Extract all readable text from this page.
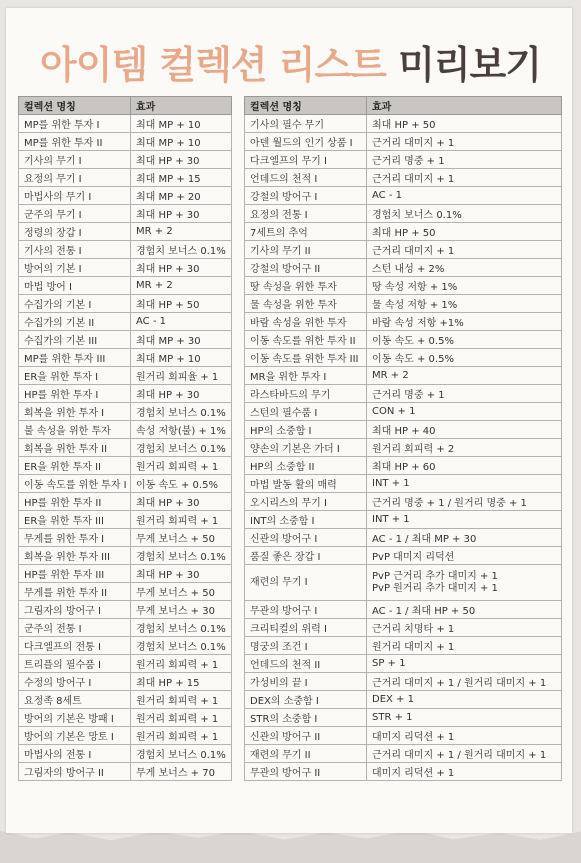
아이템 컬렉션 리스트 미리보기
컬렉션 명칭	효과
MP를 위한 투자 I	최대 MP + 10
MP를 위한 투자 II	최대 MP + 10
기사의 무기 I	최대 HP + 30
요정의 무기 I	최대 MP + 15
마법사의 무기 I	최대 MP + 20
군주의 무기 I	최대 HP + 30
정령의 장갑 I	MR + 2
기사의 전통 I	경험치 보너스 0.1%
방어의 기본 I	최대 HP + 30
마법 방어 I	MR + 2
수집가의 기본 I	최대 HP + 50
수집가의 기본 II	AC - 1
수집가의 기본 III	최대 MP + 30
MP를 위한 투자 III	최대 MP + 10
ER을 위한 투자 I	원거리 회피율 + 1
HP를 위한 투자 I	최대 HP + 30
회복을 위한 투자 I	경험치 보너스 0.1%
불 속성을 위한 투자	속성 저항(불) + 1%
회복을 위한 투자 II	경험치 보너스 0.1%
ER을 위한 투자 II	원거리 회피력 + 1
이동 속도를 위한 투자 I	이동 속도 + 0.5%
HP를 위한 투자 II	최대 HP + 30
ER을 위한 투자 III	원거리 회피력 + 1
무게를 위한 투자 I	무게 보너스 + 50
회복을 위한 투자 III	경험치 보너스 0.1%
HP를 위한 투자 III	최대 HP + 30
무게를 위한 투자 II	무게 보너스 + 50
그림자의 방어구 I	무게 보너스 + 30
군주의 전통 I	경험치 보너스 0.1%
다크엘프의 전통 I	경험치 보너스 0.1%
트리플의 필수품 I	원거리 회피력 + 1
수정의 방어구 I	최대 HP + 15
요정족 8세트	원거리 회피력 + 1
방어의 기본은 방패 I	원거리 회피력 + 1
방어의 기본은 망토 I	원거리 회피력 + 1
마법사의 전통 I	경험치 보너스 0.1%
그림자의 방어구 II	무게 보너스 + 70
컬렉션 명칭	효과
기사의 필수 무기	최대 HP + 50
아덴 월드의 인기 상품 I	근거리 대미지 + 1
다크엘프의 무기 I	근거리 명중 + 1
언데드의 천적 I	근거리 대미지 + 1
강철의 방어구 I	AC - 1
요정의 전통 I	경험치 보너스 0.1%
7세트의 추억	최대 HP + 50
기사의 무기 II	근거리 대미지 + 1
강철의 방어구 II	스턴 내성 + 2%
땅 속성을 위한 투자	땅 속성 저항 + 1%
물 속성을 위한 투자	물 속성 저항 + 1%
바람 속성을 위한 투자	바람 속성 저항 +1%
이동 속도를 위한 투자 II	이동 속도 + 0.5%
이동 속도를 위한 투자 III	이동 속도 + 0.5%
MR을 위한 투자 I	MR + 2
라스타바드의 무기	근거리 명중 + 1
스턴의 필수품 I	CON + 1
HP의 소중함 I	최대 HP + 40
양손의 기본은 가더 I	원거리 회피력 + 2
HP의 소중함 II	최대 HP + 60
마법 발동 활의 매력	INT + 1
오시리스의 무기 I	근거리 명중 + 1 / 원거리 명중 + 1
INT의 소중함 I	INT + 1
신관의 방어구 I	AC - 1 / 최대 MP + 30
품질 좋은 장갑 I	PvP 대미지 리덕션
재련의 무기 I	PvP 근거리 추가 대미지 + 1
PvP 원거리 추가 대미지 + 1

무관의 방어구 I	AC - 1 / 최대 HP + 50
크리티컬의 위력 I	근거리 치명타 + 1
명궁의 조건 I	원거리 대미지 + 1
언데드의 천적 II	SP + 1
가성비의 끝 I	근거리 대미지 + 1 / 원거리 대미지 + 1
DEX의 소중함 I	DEX + 1
STR의 소중함 I	STR + 1
신관의 방어구 II	대미지 리덕션 + 1
재련의 무기 II	근거리 대미지 + 1 / 원거리 대미지 + 1
무관의 방어구 II	대미지 리덕션 + 1
